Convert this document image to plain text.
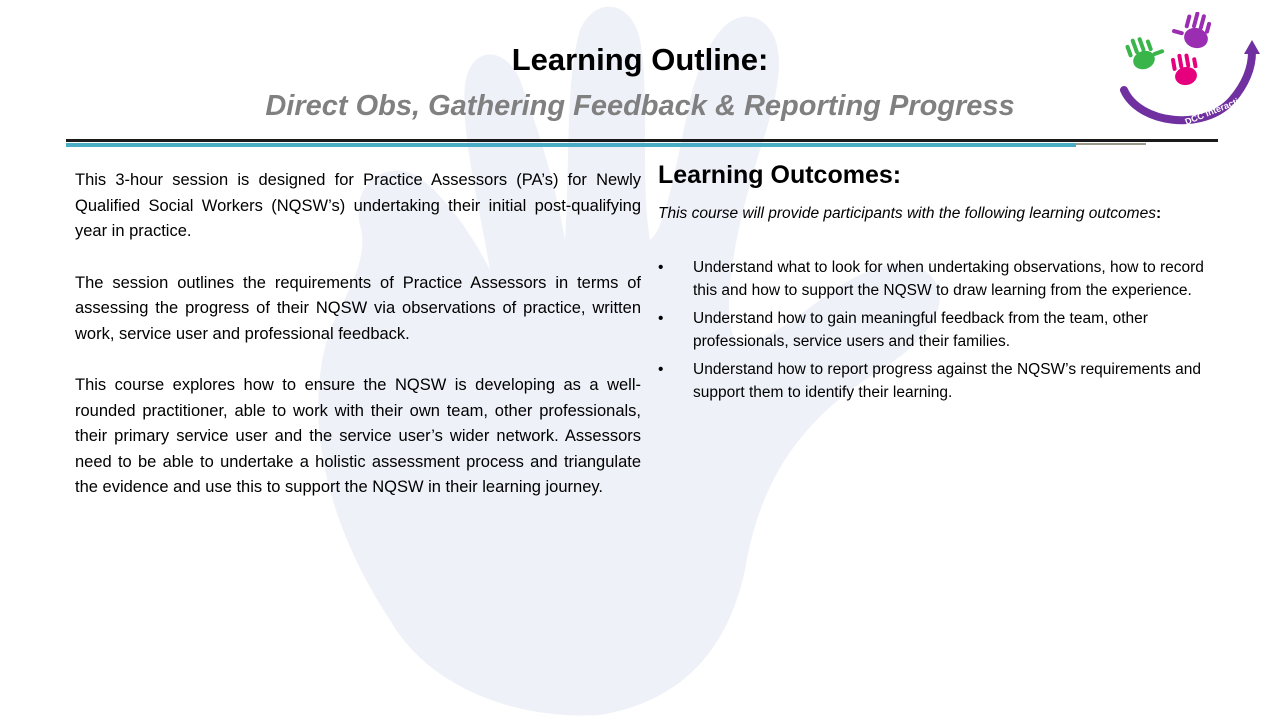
DCC Interactive
Learning Outline:
Direct Obs, Gathering Feedback & Reporting Progress

This 3-hour session is designed for Practice Assessors (PA’s) for Newly Qualified Social Workers (NQSW’s) undertaking their initial post-qualifying year in practice.

The session outlines the requirements of Practice Assessors in terms of assessing the progress of their NQSW via observations of practice, written work, service user and professional feedback.

This course explores how to ensure the NQSW is developing as a well-rounded practitioner, able to work with their own team, other professionals, their primary service user and the service user’s wider network. Assessors need to be able to undertake a holistic assessment process and triangulate the evidence and use this to support the NQSW in their learning journey.

Learning Outcomes:

This course will provide participants with the following learning outcomes:

• Understand what to look for when undertaking observations, how to record this and how to support the NQSW to draw learning from the experience.
• Understand how to gain meaningful feedback from the team, other professionals, service users and their families.
• Understand how to report progress against the NQSW’s requirements and support them to identify their learning.
